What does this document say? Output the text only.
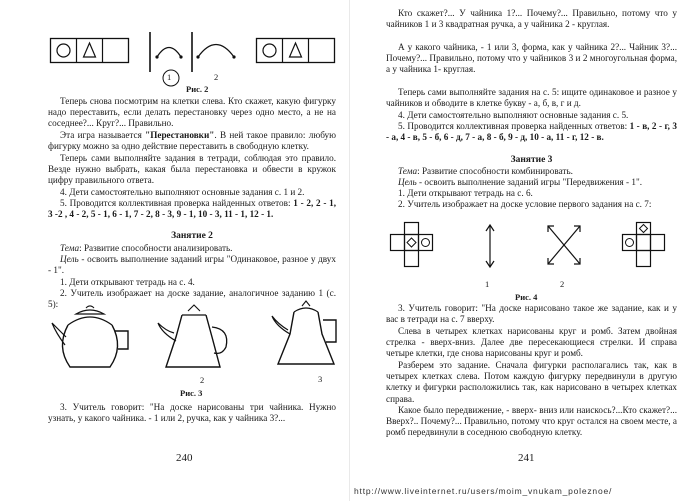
1	2
Рис. 2
Теперь снова посмотрим на клетки слева. Кто скажет, какую фигурку надо переставить, если делать перестановку через одно место, а не на соседнее?... Круг?... Правильно.
Эта игра называется "Перестановки". В ней такое правило: любую фигурку можно за одно действие переставить в свободную клетку.
Теперь сами выполняйте задания в тетради, соблюдая это правило. Везде нужно выбрать, какая была перестановка и обвести в кружок цифру правильного ответа.
4. Дети самостоятельно выполняют основные задания с. 1 и 2.
5. Проводится коллективная проверка найденных ответов: 1 - 2, 2 - 1, 3 -2 , 4 - 2, 5 - 1, 6 - 1, 7 - 2, 8 - 3, 9 - 1, 10 - 3, 11 - 1, 12 - 1.
Занятие 2
Тема: Развитие способности анализировать.
Цель - освоить выполнение заданий игры "Одинаковое, разное у двух - 1".
1. Дети открывают тетрадь на с. 4.
2. Учитель изображает на доске задание, аналогичное заданию 1 (с. 5):
2	3
Рис. 3
3. Учитель говорит: "На доске нарисованы три чайника. Нужно узнать, у какого чайника. - 1 или 2, ручка, как у чайника 3?...
240
Кто скажет?... У чайника 1?... Почему?... Правильно, потому что у чайников 1 и 3 квадратная ручка, а у чайника 2 - круглая.
А у какого чайника, - 1 или 3, форма, как у чайника 2?... Чайник 3?... Почему?... Правильно, потому что у чайников 3 и 2 многоугольная форма, а у чайника 1- круглая.
Теперь сами выполняйте задания на с. 5: ищите одинаковое и разное у чайников и обводите в клетке букву - а, б, в, г и д.
4. Дети самостоятельно выполняют основные задания с. 5.
5. Проводится коллективная проверка найденных ответов: 1 - в, 2 - г, 3 - а, 4 - в, 5 - б, 6 - д, 7 - а, 8 - б, 9 - д, 10 - а, 11 - г, 12 - в.
Занятие 3
Тема: Развитие способности комбинировать.
Цель - освоить выполнение заданий игры "Передвижения - 1".
1. Дети открывают тетрадь на с. 6.
2. Учитель изображает на доске условие первого задания на с. 7:
1	2
Рис. 4
3. Учитель говорит: "На доске нарисовано такое же задание, как и у вас в тетради на с. 7 вверху.
Слева в четырех клетках нарисованы круг и ромб. Затем двойная стрелка - вверх-вниз. Далее две пересекающиеся стрелки. И справа четыре клетки, где снова нарисованы круг и ромб.
Разберем это задание. Сначала фигурки располагались так, как в четырех клетках слева. Потом каждую фигурку передвинули в другую клетку и фигурки расположились так, как нарисовано в четырех клетках справа.
Какое было передвижение, - вверх- вниз или наискось?...Кто скажет?... Вверх?.. Почему?... Правильно, потому что круг остался на своем месте, а ромб передвинули в соседнюю свободную клетку.
241
http://www.liveinternet.ru/users/moim_vnukam_poleznoe/
